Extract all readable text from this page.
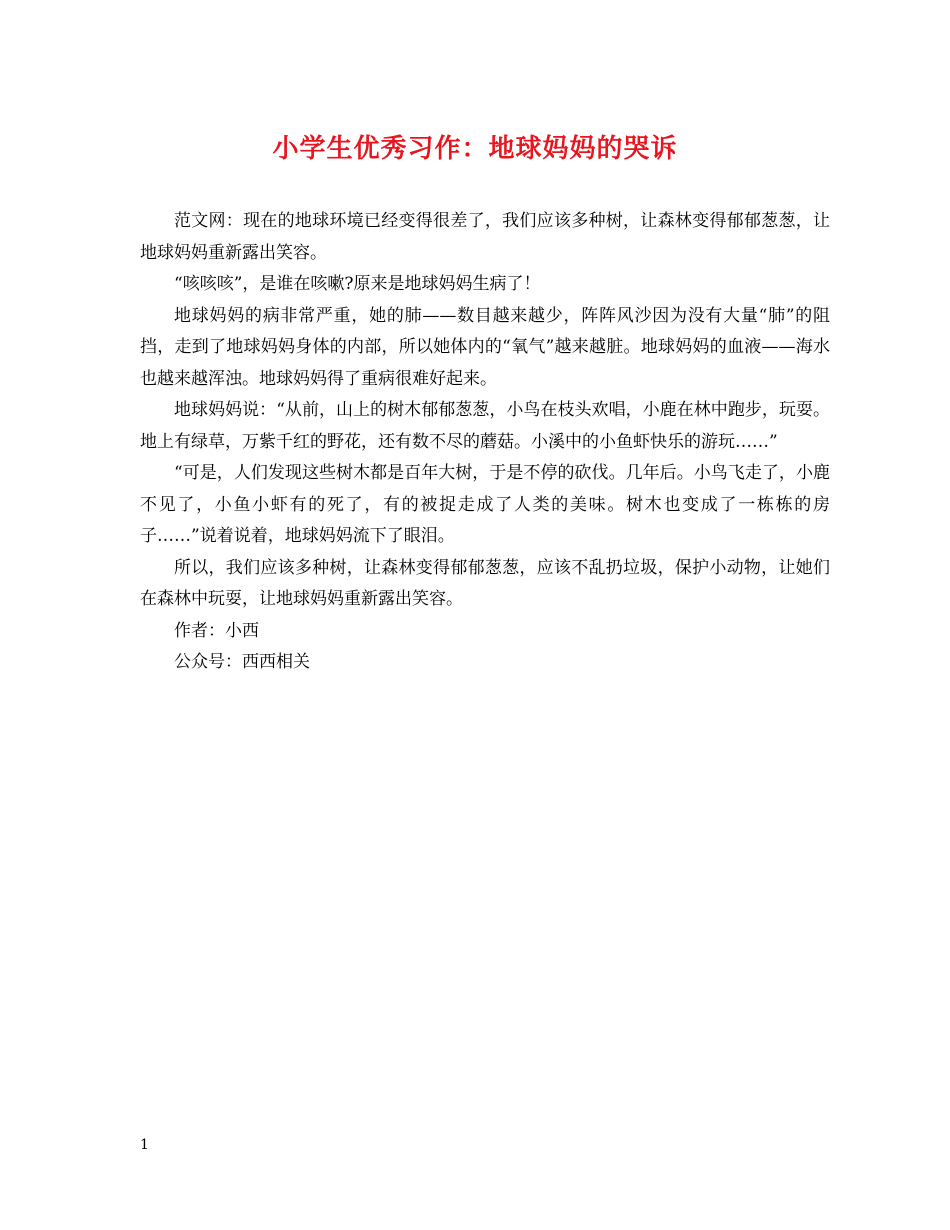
小学生优秀习作：地球妈妈的哭诉

范文网：现在的地球环境已经变得很差了，我们应该多种树，让森林变得郁郁葱葱，让地球妈妈重新露出笑容。

“咳咳咳”，是谁在咳嗽?原来是地球妈妈生病了！

地球妈妈的病非常严重，她的肺——数目越来越少，阵阵风沙因为没有大量“肺”的阻挡，走到了地球妈妈身体的内部，所以她体内的“氧气”越来越脏。地球妈妈的血液——海水也越来越浑浊。地球妈妈得了重病很难好起来。

地球妈妈说：“从前，山上的树木郁郁葱葱，小鸟在枝头欢唱，小鹿在林中跑步，玩耍。地上有绿草，万紫千红的野花，还有数不尽的蘑菇。小溪中的小鱼虾快乐的游玩……”

“可是，人们发现这些树木都是百年大树，于是不停的砍伐。几年后。小鸟飞走了，小鹿不见了，小鱼小虾有的死了，有的被捉走成了人类的美味。树木也变成了一栋栋的房子……”说着说着，地球妈妈流下了眼泪。

所以，我们应该多种树，让森林变得郁郁葱葱，应该不乱扔垃圾，保护小动物，让她们在森林中玩耍，让地球妈妈重新露出笑容。

作者：小西

公众号：西西相关

1
